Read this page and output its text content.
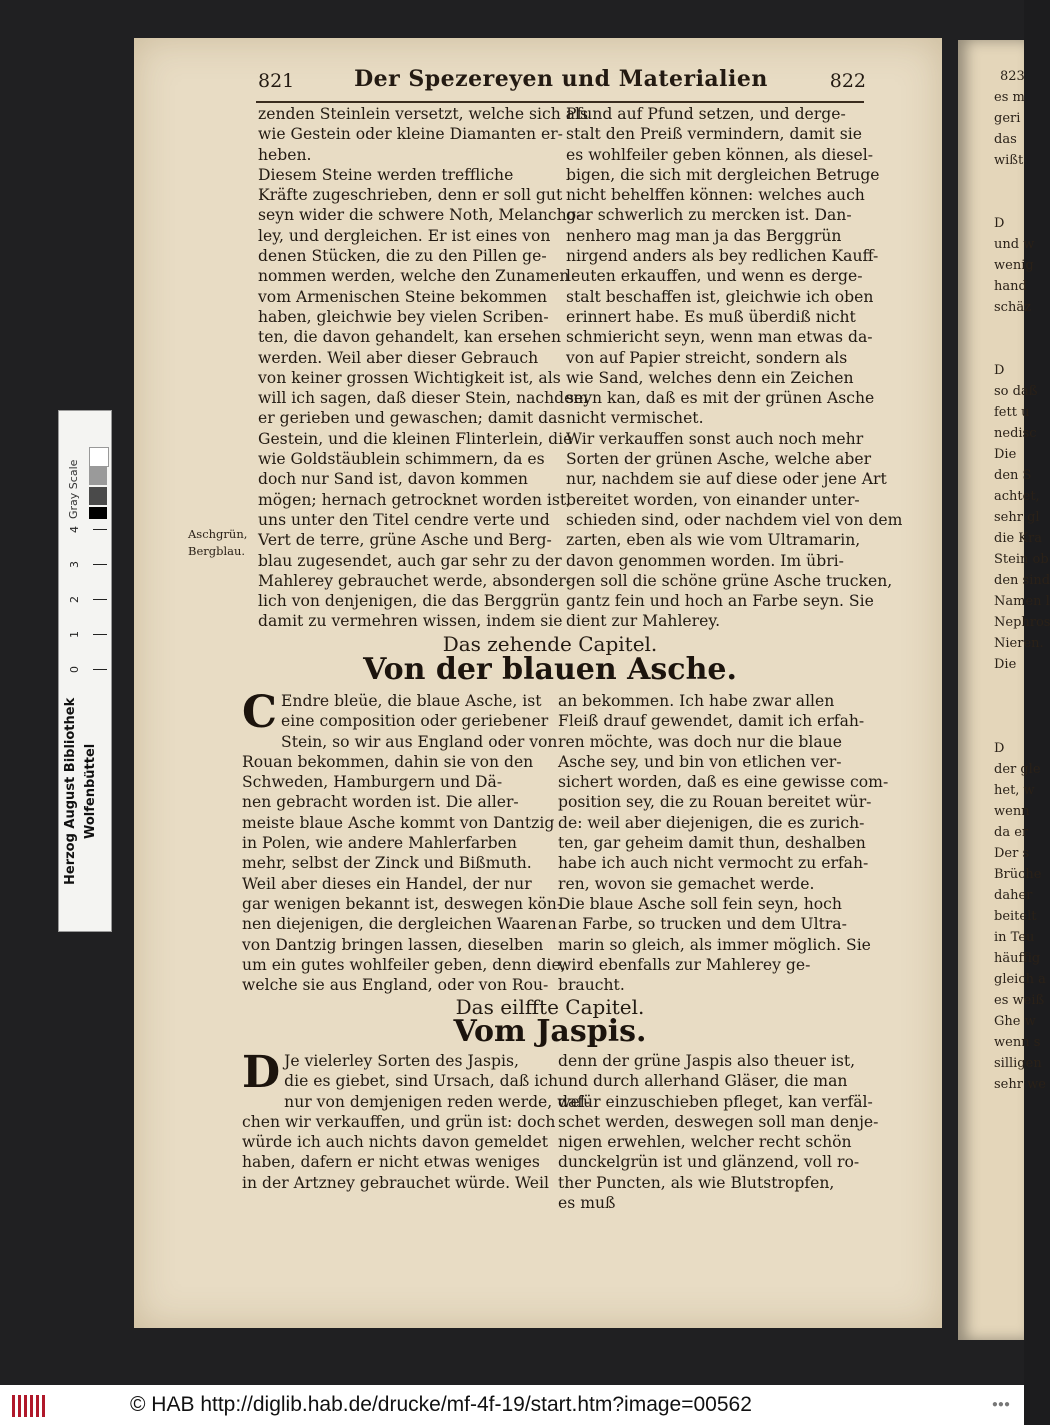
823
es m
geri
das
wißt

D
und w
wenig
hand
schäz

D
so daß
fett u
nedisc
Die
den S
achtet,
sehr gl
die Kra
Stein ob
den sind
Namen l
Nephros
Nieren.
Die

D
der gle
het, w
wenn
da er
Der s
Brüche
daher
beitelt
in Teu
häuffig
gleich a
es weiß
Ghe w
wenn s
silligen
sehr we
821	Der Spezereyen und Materialien	822
zenden Steinlein versetzt, welche sich als
wie Gestein oder kleine Diamanten er-
heben.
Diesem Steine werden treffliche
Kräfte zugeschrieben, denn er soll gut
seyn wider die schwere Noth, Melancho-
ley, und dergleichen. Er ist eines von
denen Stücken, die zu den Pillen ge-
nommen werden, welche den Zunamen
vom Armenischen Steine bekommen
haben, gleichwie bey vielen Scriben-
ten, die davon gehandelt, kan ersehen
werden. Weil aber dieser Gebrauch
von keiner grossen Wichtigkeit ist, als
will ich sagen, daß dieser Stein, nachdem
er gerieben und gewaschen; damit das
Gestein, und die kleinen Flinterlein, die
wie Goldstäublein schimmern, da es
doch nur Sand ist, davon kommen
mögen; hernach getrocknet worden ist,
uns unter den Titel cendre verte und
Vert de terre, grüne Asche und Berg-
blau zugesendet, auch gar sehr zu der
Mahlerey gebrauchet werde, absonder-
lich von denjenigen, die das Berggrün
damit zu vermehren wissen, indem sie
Pfund auf Pfund setzen, und derge-
stalt den Preiß vermindern, damit sie
es wohlfeiler geben können, als diesel-
bigen, die sich mit dergleichen Betruge
nicht behelffen können: welches auch
gar schwerlich zu mercken ist. Dan-
nenhero mag man ja das Berggrün
nirgend anders als bey redlichen Kauff-
leuten erkauffen, und wenn es derge-
stalt beschaffen ist, gleichwie ich oben
erinnert habe. Es muß überdiß nicht
schmiericht seyn, wenn man etwas da-
von auf Papier streicht, sondern als
wie Sand, welches denn ein Zeichen
seyn kan, daß es mit der grünen Asche
nicht vermischet.
Wir verkauffen sonst auch noch mehr
Sorten der grünen Asche, welche aber
nur, nachdem sie auf diese oder jene Art
bereitet worden, von einander unter-
schieden sind, oder nachdem viel von dem
zarten, eben als wie vom Ultramarin,
davon genommen worden. Im übri-
gen soll die schöne grüne Asche trucken,
gantz fein und hoch an Farbe seyn. Sie
dient zur Mahlerey.
Aschgrün,
Bergblau.
Das zehende Capitel.
Von der blauen Asche.
C Endre bleüe, die blaue Asche, ist
eine composition oder geriebener
Stein, so wir aus England oder von
Rouan bekommen, dahin sie von den
Schweden, Hamburgern und Dä-
nen gebracht worden ist. Die aller-
meiste blaue Asche kommt von Dantzig
in Polen, wie andere Mahlerfarben
mehr, selbst der Zinck und Bißmuth.
Weil aber dieses ein Handel, der nur
gar wenigen bekannt ist, deswegen kön-
nen diejenigen, die dergleichen Waaren
von Dantzig bringen lassen, dieselben
um ein gutes wohlfeiler geben, denn die,
welche sie aus England, oder von Rou-
an bekommen. Ich habe zwar allen
Fleiß drauf gewendet, damit ich erfah-
ren möchte, was doch nur die blaue
Asche sey, und bin von etlichen ver-
sichert worden, daß es eine gewisse com-
position sey, die zu Rouan bereitet wür-
de: weil aber diejenigen, die es zurich-
ten, gar geheim damit thun, deshalben
habe ich auch nicht vermocht zu erfah-
ren, wovon sie gemachet werde.
Die blaue Asche soll fein seyn, hoch
an Farbe, so trucken und dem Ultra-
marin so gleich, als immer möglich. Sie
wird ebenfalls zur Mahlerey ge-
braucht.
Das eilffte Capitel.
Vom Jaspis.
D Je vielerley Sorten des Jaspis,
die es giebet, sind Ursach, daß ich
nur von demjenigen reden werde, wel-
chen wir verkauffen, und grün ist: doch
würde ich auch nichts davon gemeldet
haben, dafern er nicht etwas weniges
in der Artzney gebrauchet würde. Weil
denn der grüne Jaspis also theuer ist,
und durch allerhand Gläser, die man
dafür einzuschieben pfleget, kan verfäl-
schet werden, deswegen soll man denje-
nigen erwehlen, welcher recht schön
dunckelgrün ist und glänzend, voll ro-
ther Puncten, als wie Blutstropfen,
es muß
Gray Scale
4
3
2
1
0
Herzog August Bibliothek Wolfenbüttel
© HAB http://diglib.hab.de/drucke/mf-4f-19/start.htm?image=00562	●●●
